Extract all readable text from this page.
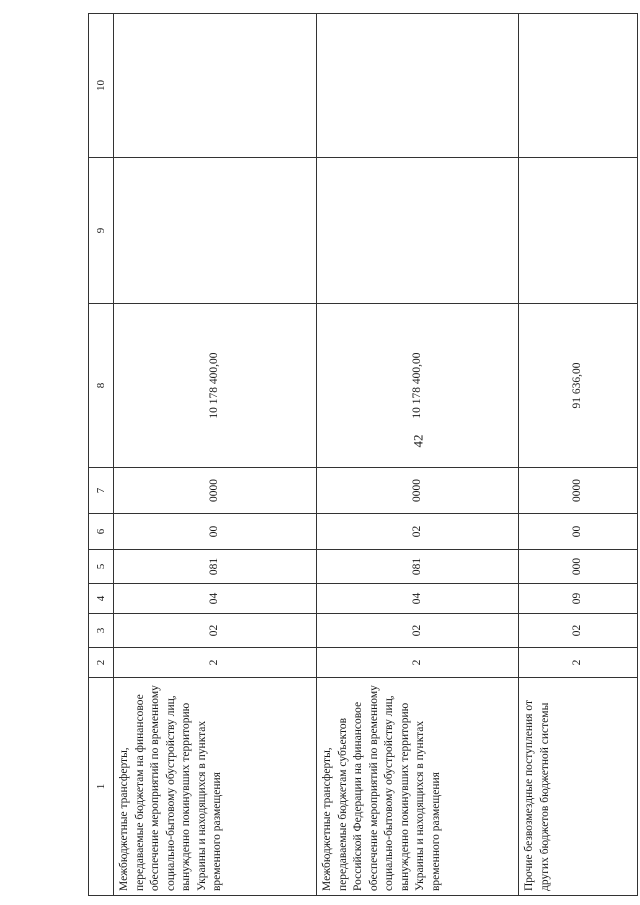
42
1	2	3	4	5	6	7	8	9	10
Межбюджетные трансферты, передаваемые бюджетам на финансовое обеспечение мероприятий по временному социально-бытовому обустройству лиц, вынужденно покинувших территорию Украины и находящихся в пунктах временного размещения	2	02	04	081	00	0000	10 178 400,00		
Межбюджетные трансферты, передаваемые бюджетам субъектов Российской Федерации на финансовое обеспечение мероприятий по временному социально-бытовому обустройству лиц, вынужденно покинувших территорию Украины и находящихся в пунктах временного размещения	2	02	04	081	02	0000	10 178 400,00		
Прочие безвозмездные поступления от других бюджетов бюджетной системы	2	02	09	000	00	0000	91 636,00		
